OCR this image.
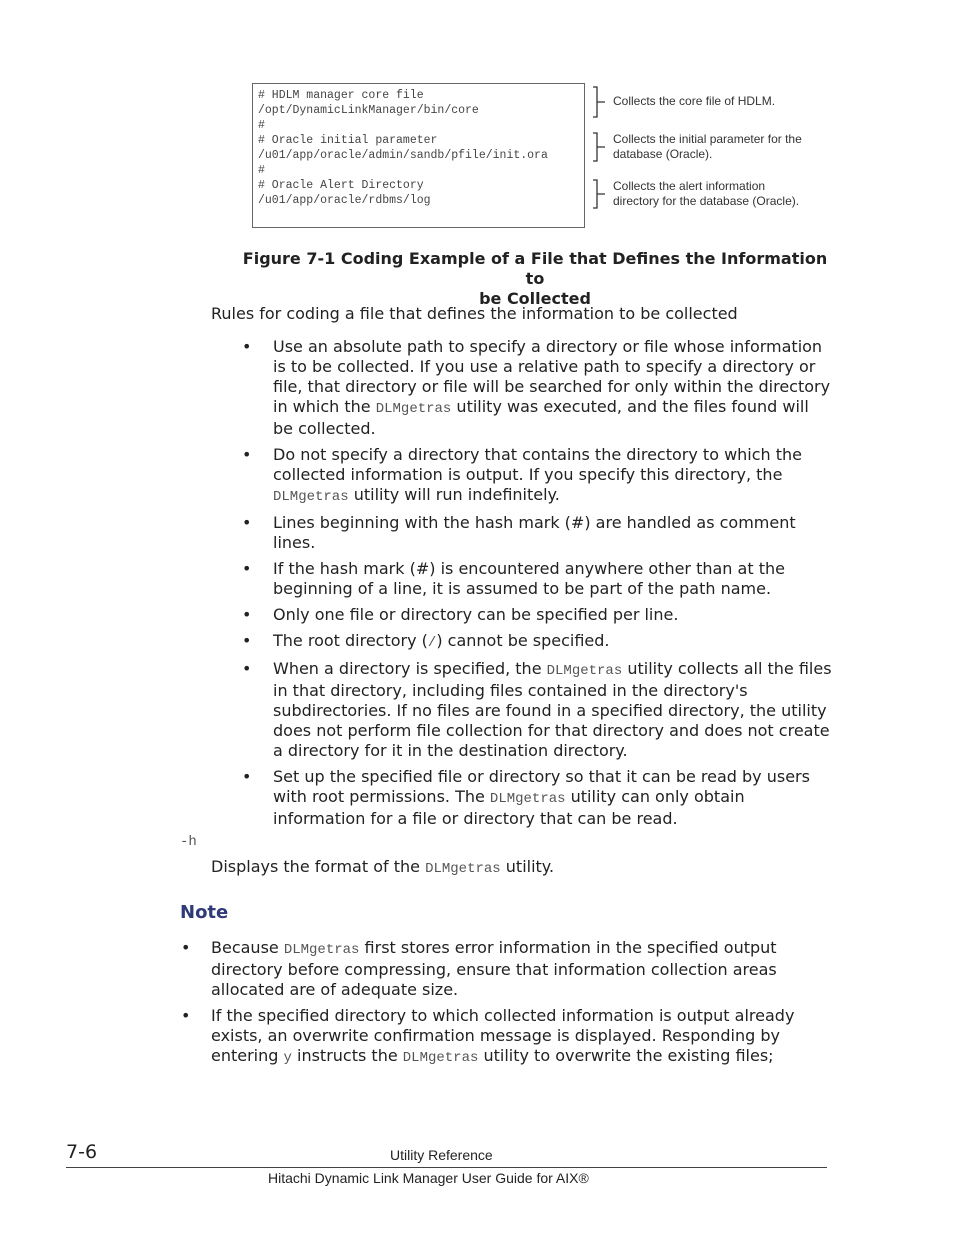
# HDLM manager core file
/opt/DynamicLinkManager/bin/core
#
# Oracle initial parameter
/u01/app/oracle/admin/sandb/pfile/init.ora
#
# Oracle Alert Directory
/u01/app/oracle/rdbms/log
Collects the core file of HDLM.
Collects the initial parameter for the
database (Oracle).
Collects the alert information
directory for the database (Oracle).
Figure 7-1 Coding Example of a File that Defines the Information to
be Collected
Rules for coding a file that defines the information to be collected
• Use an absolute path to specify a directory or file whose information is to be collected. If you use a relative path to specify a directory or file, that directory or file will be searched for only within the directory in which the DLMgetras utility was executed, and the files found will be collected.
• Do not specify a directory that contains the directory to which the collected information is output. If you specify this directory, the DLMgetras utility will run indefinitely.
• Lines beginning with the hash mark (#) are handled as comment lines.
• If the hash mark (#) is encountered anywhere other than at the beginning of a line, it is assumed to be part of the path name.
• Only one file or directory can be specified per line.
• The root directory (/) cannot be specified.
• When a directory is specified, the DLMgetras utility collects all the files in that directory, including files contained in the directory's subdirectories. If no files are found in a specified directory, the utility does not perform file collection for that directory and does not create a directory for it in the destination directory.
• Set up the specified file or directory so that it can be read by users with root permissions. The DLMgetras utility can only obtain information for a file or directory that can be read.
-h
Displays the format of the DLMgetras utility.
Note
• Because DLMgetras first stores error information in the specified output directory before compressing, ensure that information collection areas allocated are of adequate size.
• If the specified directory to which collected information is output already exists, an overwrite confirmation message is displayed. Responding by entering y instructs the DLMgetras utility to overwrite the existing files;
7-6	Utility Reference
Hitachi Dynamic Link Manager User Guide for AIX®
